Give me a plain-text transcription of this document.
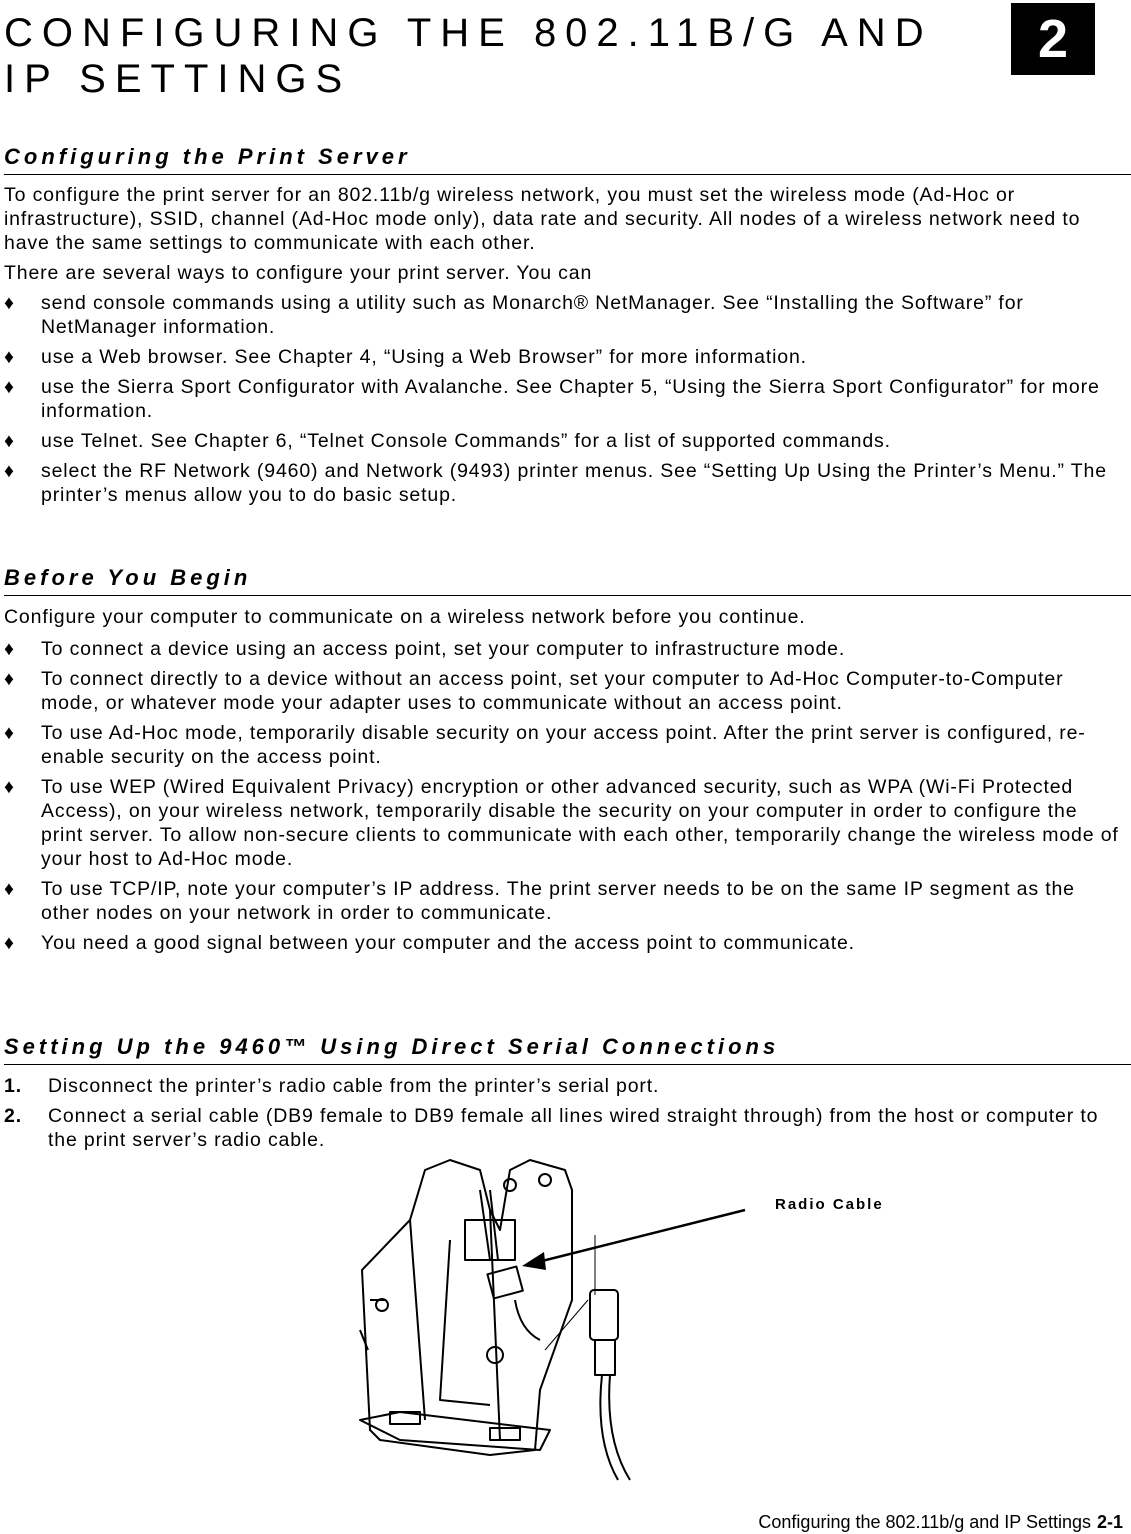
CONFIGURING THE 802.11B/G AND IP SETTINGS
2
Configuring the Print Server

To configure the print server for an 802.11b/g wireless network, you must set the wireless mode (Ad-Hoc or infrastructure), SSID, channel (Ad-Hoc mode only), data rate and security. All nodes of a wireless network need to have the same settings to communicate with each other.

There are several ways to configure your print server. You can

♦ send console commands using a utility such as Monarch® NetManager. See “Installing the Software” for NetManager information.

♦ use a Web browser. See Chapter 4, “Using a Web Browser” for more information.

♦ use the Sierra Sport Configurator with Avalanche. See Chapter 5, “Using the Sierra Sport Configurator” for more information.

♦ use Telnet. See Chapter 6, “Telnet Console Commands” for a list of supported commands.

♦ select the RF Network (9460) and Network (9493) printer menus. See “Setting Up Using the Printer’s Menu.” The printer’s menus allow you to do basic setup.

Before You Begin

Configure your computer to communicate on a wireless network before you continue.

♦ To connect a device using an access point, set your computer to infrastructure mode.

♦ To connect directly to a device without an access point, set your computer to Ad-Hoc Computer-to-Computer mode, or whatever mode your adapter uses to communicate without an access point.

♦ To use Ad-Hoc mode, temporarily disable security on your access point. After the print server is configured, re-enable security on the access point.

♦ To use WEP (Wired Equivalent Privacy) encryption or other advanced security, such as WPA (Wi-Fi Protected Access), on your wireless network, temporarily disable the security on your computer in order to configure the print server. To allow non-secure clients to communicate with each other, temporarily change the wireless mode of your host to Ad-Hoc mode.

♦ To use TCP/IP, note your computer’s IP address. The print server needs to be on the same IP segment as the other nodes on your network in order to communicate.

♦ You need a good signal between your computer and the access point to communicate.

Setting Up the 9460™ Using Direct Serial Connections

1. Disconnect the printer’s radio cable from the printer’s serial port.

2. Connect a serial cable (DB9 female to DB9 female all lines wired straight through) from the host or computer to the print server’s radio cable.

Radio Cable
Configuring the 802.11b/g and IP Settings 2-1
